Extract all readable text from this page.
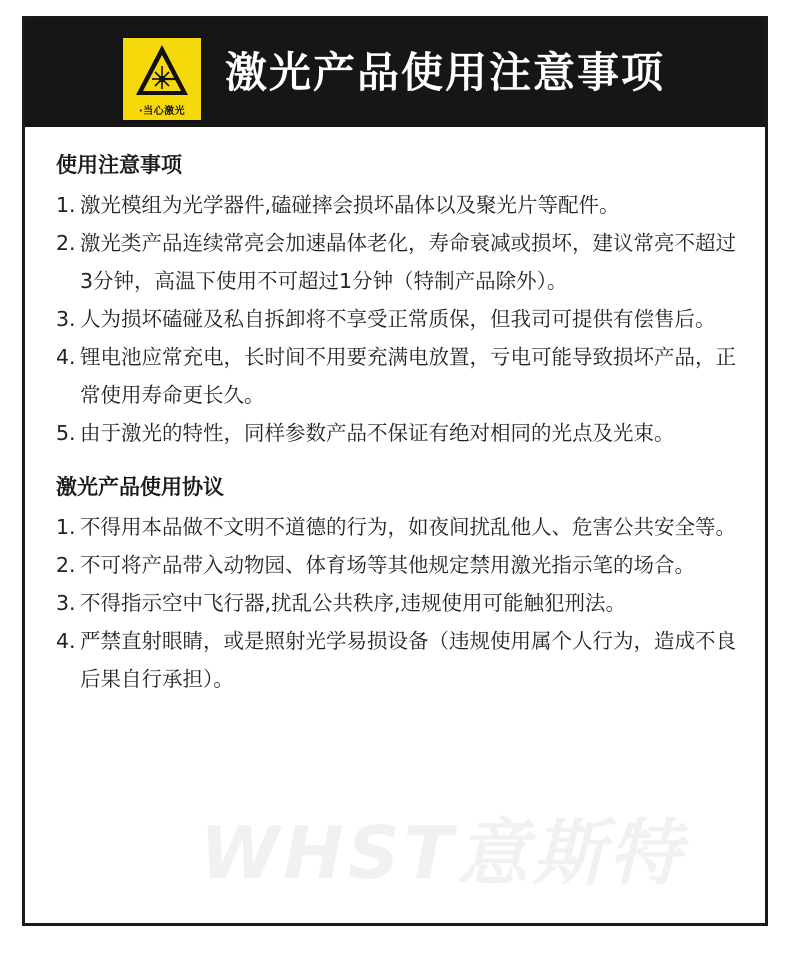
·当心激光
激光产品使用注意事项
使用注意事项
1. 激光模组为光学器件,磕碰摔会损坏晶体以及聚光片等配件。
2. 激光类产品连续常亮会加速晶体老化，寿命衰减或损坏，建议常亮不超过3分钟，高温下使用不可超过1分钟（特制产品除外）。
3. 人为损坏磕碰及私自拆卸将不享受正常质保，但我司可提供有偿售后。
4. 锂电池应常充电，长时间不用要充满电放置，亏电可能导致损坏产品，正常使用寿命更长久。
5. 由于激光的特性，同样参数产品不保证有绝对相同的光点及光束。
激光产品使用协议
1. 不得用本品做不文明不道德的行为，如夜间扰乱他人、危害公共安全等。
2. 不可将产品带入动物园、体育场等其他规定禁用激光指示笔的场合。
3. 不得指示空中飞行器,扰乱公共秩序,违规使用可能触犯刑法。
4. 严禁直射眼睛，或是照射光学易损设备（违规使用属个人行为，造成不良后果自行承担）。
WHST意斯特
